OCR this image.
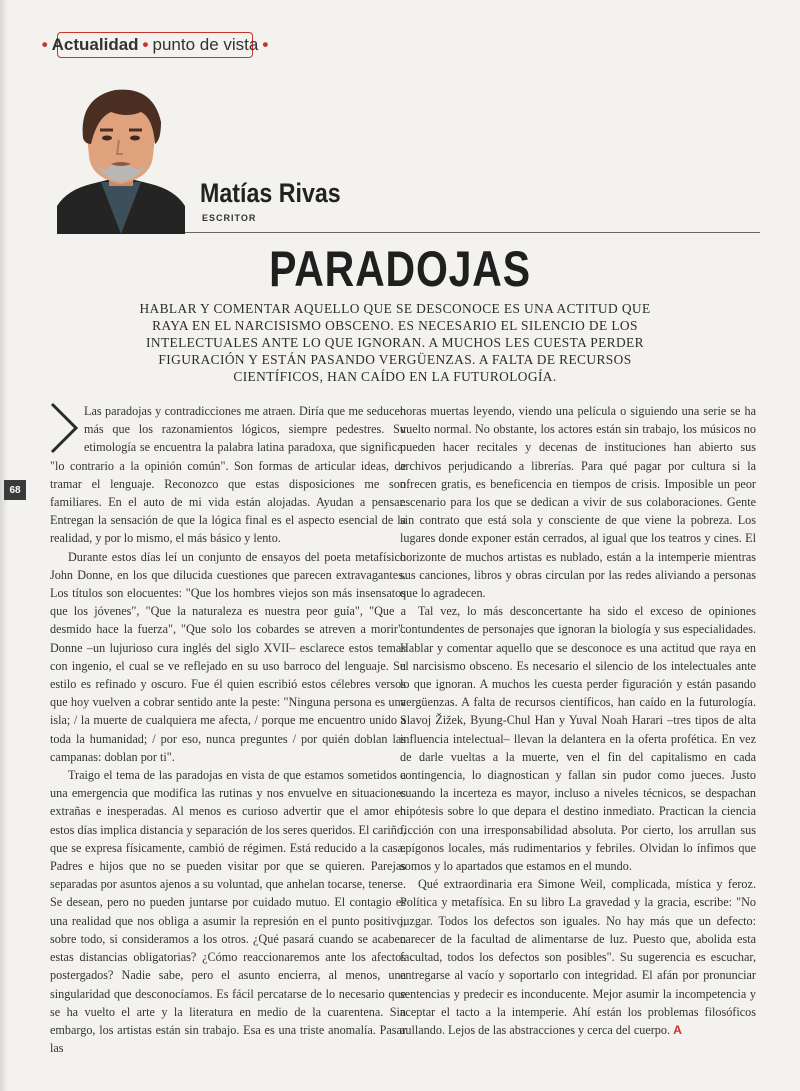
• Actualidad • punto de vista •
Matías Rivas
ESCRITOR
PARADOJAS
HABLAR Y COMENTAR AQUELLO QUE SE DESCONOCE ES UNA ACTITUD QUE RAYA EN EL NARCISISMO OBSCENO. ES NECESARIO EL SILENCIO DE LOS INTELECTUALES ANTE LO QUE IGNORAN. A MUCHOS LES CUESTA PERDER FIGURACIÓN Y ESTÁN PASANDO VERGÜENZAS. A FALTA DE RECURSOS CIENTÍFICOS, HAN CAÍDO EN LA FUTUROLOGÍA.
68

Las paradojas y contradicciones me atraen. Diría que me seducen más que los razonamientos lógicos, siempre pedestres. Su etimología se encuentra la palabra latina paradoxa, que significa: "lo contrario a la opinión común". Son formas de articular ideas, de tramar el lenguaje. Reconozco que estas disposiciones me son familiares. En el auto de mi vida están alojadas. Ayudan a pensar. Entregan la sensación de que la lógica final es el aspecto esencial de la realidad, y por lo mismo, el más básico y lento.

Durante estos días leí un conjunto de ensayos del poeta metafísico John Donne, en los que dilucida cuestiones que parecen extravagantes. Los títulos son elocuentes: "Que los hombres viejos son más insensatos que los jóvenes", "Que la naturaleza es nuestra peor guía", "Que a desmido hace la fuerza", "Que solo los cobardes se atreven a morir". Donne –un lujurioso cura inglés del siglo XVII– esclarece estos temas con ingenio, el cual se ve reflejado en su uso barroco del lenguaje. Su estilo es refinado y oscuro. Fue él quien escribió estos célebres versos que hoy vuelven a cobrar sentido ante la peste: "Ninguna persona es una isla; / la muerte de cualquiera me afecta, / porque me encuentro unido a toda la humanidad; / por eso, nunca preguntes / por quién doblan las campanas: doblan por ti".

Traigo el tema de las paradojas en vista de que estamos sometidos a una emergencia que modifica las rutinas y nos envuelve en situaciones extrañas e inesperadas. Al menos es curioso advertir que el amor en estos días implica distancia y separación de los seres queridos. El cariño, que se expresa físicamente, cambió de régimen. Está reducido a la casa. Padres e hijos que no se pueden visitar por que se quieren. Parejas separadas por asuntos ajenos a su voluntad, que anhelan tocarse, tenerse. Se desean, pero no pueden juntarse por cuidado mutuo. El contagio es una realidad que nos obliga a asumir la represión en el punto positivo, sobre todo, si consideramos a los otros. ¿Qué pasará cuando se acaben estas distancias obligatorias? ¿Cómo reaccionaremos ante los afectos postergados? Nadie sabe, pero el asunto encierra, al menos, una singularidad que desconocíamos. Es fácil percatarse de lo necesario que se ha vuelto el arte y la literatura en medio de la cuarentena. Sin embargo, los artistas están sin trabajo. Esa es una triste anomalía. Pasar las

horas muertas leyendo, viendo una película o siguiendo una serie se ha vuelto normal. No obstante, los actores están sin trabajo, los músicos no pueden hacer recitales y decenas de instituciones han abierto sus archivos perjudicando a librerías. Para qué pagar por cultura si la ofrecen gratis, es beneficencia en tiempos de crisis. Imposible un peor escenario para los que se dedican a vivir de sus colaboraciones. Gente sin contrato que está sola y consciente de que viene la pobreza. Los lugares donde exponer están cerrados, al igual que los teatros y cines. El horizonte de muchos artistas es nublado, están a la intemperie mientras sus canciones, libros y obras circulan por las redes aliviando a personas que lo agradecen.

Tal vez, lo más desconcertante ha sido el exceso de opiniones contundentes de personajes que ignoran la biología y sus especialidades. Hablar y comentar aquello que se desconoce es una actitud que raya en el narcisismo obsceno. Es necesario el silencio de los intelectuales ante lo que ignoran. A muchos les cuesta perder figuración y están pasando vergüenzas. A falta de recursos científicos, han caído en la futurología. Slavoj Žižek, Byung-Chul Han y Yuval Noah Harari –tres tipos de alta influencia intelectual– llevan la delantera en la oferta profética. En vez de darle vueltas a la muerte, ven el fin del capitalismo en cada contingencia, lo diagnostican y fallan sin pudor como jueces. Justo cuando la incerteza es mayor, incluso a niveles técnicos, se despachan hipótesis sobre lo que depara el destino inmediato. Practican la ciencia ficción con una irresponsabilidad absoluta. Por cierto, los arrullan sus epígonos locales, más rudimentarios y febriles. Olvidan lo ínfimos que somos y lo apartados que estamos en el mundo.

Qué extraordinaria era Simone Weil, complicada, mística y feroz. Política y metafísica. En su libro La gravedad y la gracia, escribe: "No juzgar. Todos los defectos son iguales. No hay más que un defecto: carecer de la facultad de alimentarse de luz. Puesto que, abolida esta facultad, todos los defectos son posibles". Su sugerencia es escuchar, entregarse al vacío y soportarlo con integridad. El afán por pronunciar sentencias y predecir es inconducente. Mejor asumir la incompetencia y aceptar el tacto a la intemperie. Ahí están los problemas filosóficos aullando. Lejos de las abstracciones y cerca del cuerpo. A
